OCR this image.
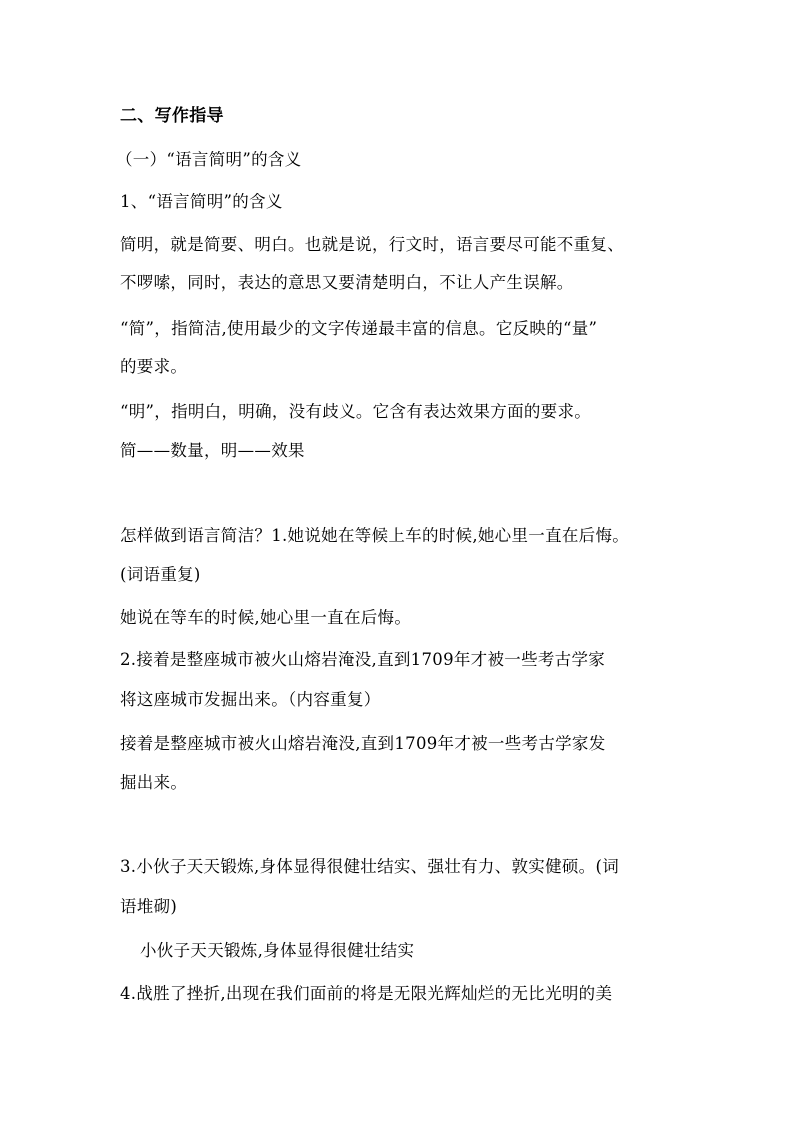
二、写作指导
（一）“语言简明”的含义
1、“语言简明”的含义
简明，就是简要、明白。也就是说，行文时，语言要尽可能不重复、
不啰嗦，同时，表达的意思又要清楚明白，不让人产生误解。
“简”，指简洁,使用最少的文字传递最丰富的信息。它反映的“量”
的要求。
“明”，指明白，明确，没有歧义。它含有表达效果方面的要求。
简——数量，明——效果
怎样做到语言简洁？1.她说她在等候上车的时候,她心里一直在后悔。
(词语重复)
她说在等车的时候,她心里一直在后悔。
2.接着是整座城市被火山熔岩淹没,直到1709年才被一些考古学家
将这座城市发掘出来。（内容重复）
接着是整座城市被火山熔岩淹没,直到1709年才被一些考古学家发
掘出来。
3.小伙子天天锻炼,身体显得很健壮结实、强壮有力、敦实健硕。(词
语堆砌)
小伙子天天锻炼,身体显得很健壮结实
4.战胜了挫折,出现在我们面前的将是无限光辉灿烂的无比光明的美
